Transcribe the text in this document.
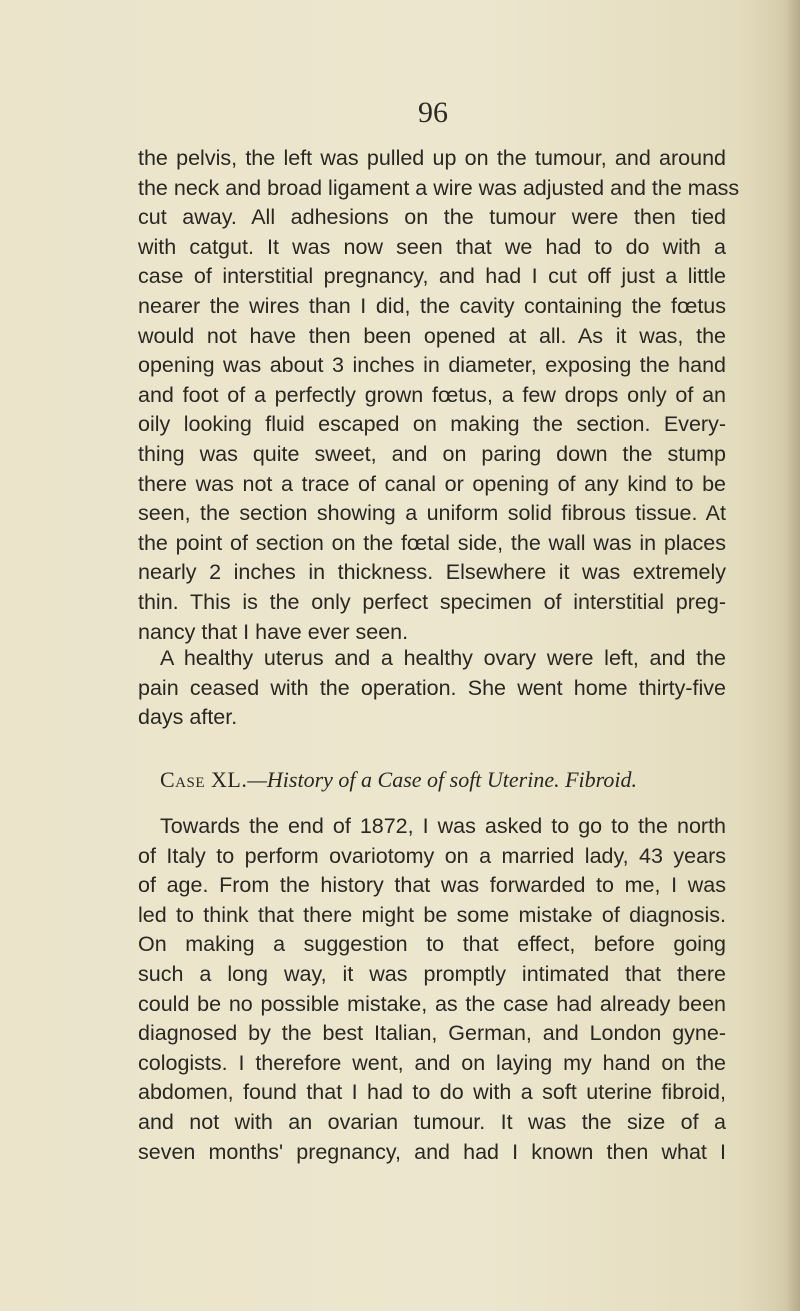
96
the pelvis, the left was pulled up on the tumour, and around
the neck and broad ligament a wire was adjusted and the mass
cut away. All adhesions on the tumour were then tied
with catgut. It was now seen that we had to do with a
case of interstitial pregnancy, and had I cut off just a little
nearer the wires than I did, the cavity containing the fœtus
would not have then been opened at all. As it was, the
opening was about 3 inches in diameter, exposing the hand
and foot of a perfectly grown fœtus, a few drops only of an
oily looking fluid escaped on making the section. Every-
thing was quite sweet, and on paring down the stump
there was not a trace of canal or opening of any kind to be
seen, the section showing a uniform solid fibrous tissue. At
the point of section on the fœtal side, the wall was in places
nearly 2 inches in thickness. Elsewhere it was extremely
thin. This is the only perfect specimen of interstitial preg-
nancy that I have ever seen.
A healthy uterus and a healthy ovary were left, and the
pain ceased with the operation. She went home thirty-five
days after.
Case XL.—History of a Case of soft Uterine. Fibroid.
Towards the end of 1872, I was asked to go to the north
of Italy to perform ovariotomy on a married lady, 43 years
of age. From the history that was forwarded to me, I was
led to think that there might be some mistake of diagnosis.
On making a suggestion to that effect, before going
such a long way, it was promptly intimated that there
could be no possible mistake, as the case had already been
diagnosed by the best Italian, German, and London gyne-
cologists. I therefore went, and on laying my hand on the
abdomen, found that I had to do with a soft uterine fibroid,
and not with an ovarian tumour. It was the size of a
seven months' pregnancy, and had I known then what I
